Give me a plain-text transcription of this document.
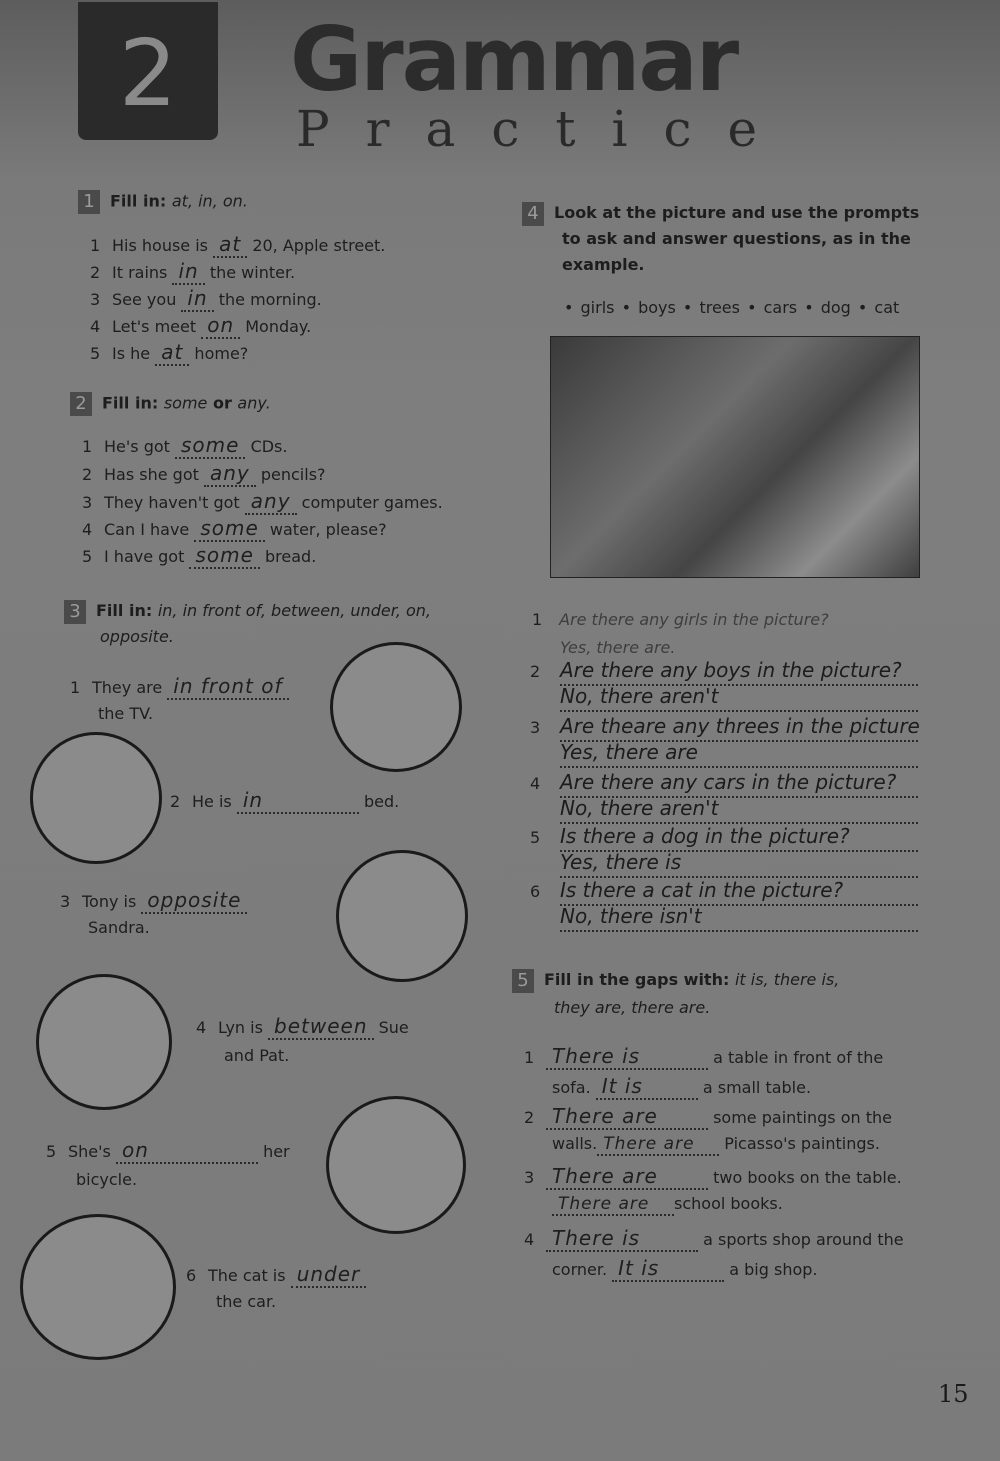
2	Grammar
Practice
1 Fill in: at, in, on.
1 His house is at 20, Apple street.
2 It rains in the winter.
3 See you in the morning.
4 Let's meet on Monday.
5 Is he at home?
2 Fill in: some or any.
1 He's got some CDs.
2 Has she got any pencils?
3 They haven't got any computer games.
4 Can I have some water, please?
5 I have got some bread.
3 Fill in: in, in front of, between, under, on,
opposite.
1 They are in front of
the TV.
2 He is in	bed.
3 Tony is opposite
Sandra.
4 Lyn is between Sue
and Pat.
5 She's on	her
bicycle.
6 The cat is under
the car.
4 Look at the picture and use the prompts
to ask and answer questions, as in the
example.
• girls • boys • trees • cars • dog • cat
1 Are there any girls in the picture?
Yes, there are.
2 Are there any boys in the picture?
No, there aren't
3 Are theare any threes in the picture
Yes, there are
4 Are there any cars in the picture?
No, there aren't
5 Is there a dog in the picture?
Yes, there is
6 Is there a cat in the picture?
No, there isn't
5 Fill in the gaps with: it is, there is,
they are, there are.
1 There is	a table in front of the
sofa. It is	a small table.
2 There are	some paintings on the
walls. There are Picasso's paintings.
3 There are	two books on the table.
There are school books.
4 There is	a sports shop around the
corner. It is	a big shop.
15
